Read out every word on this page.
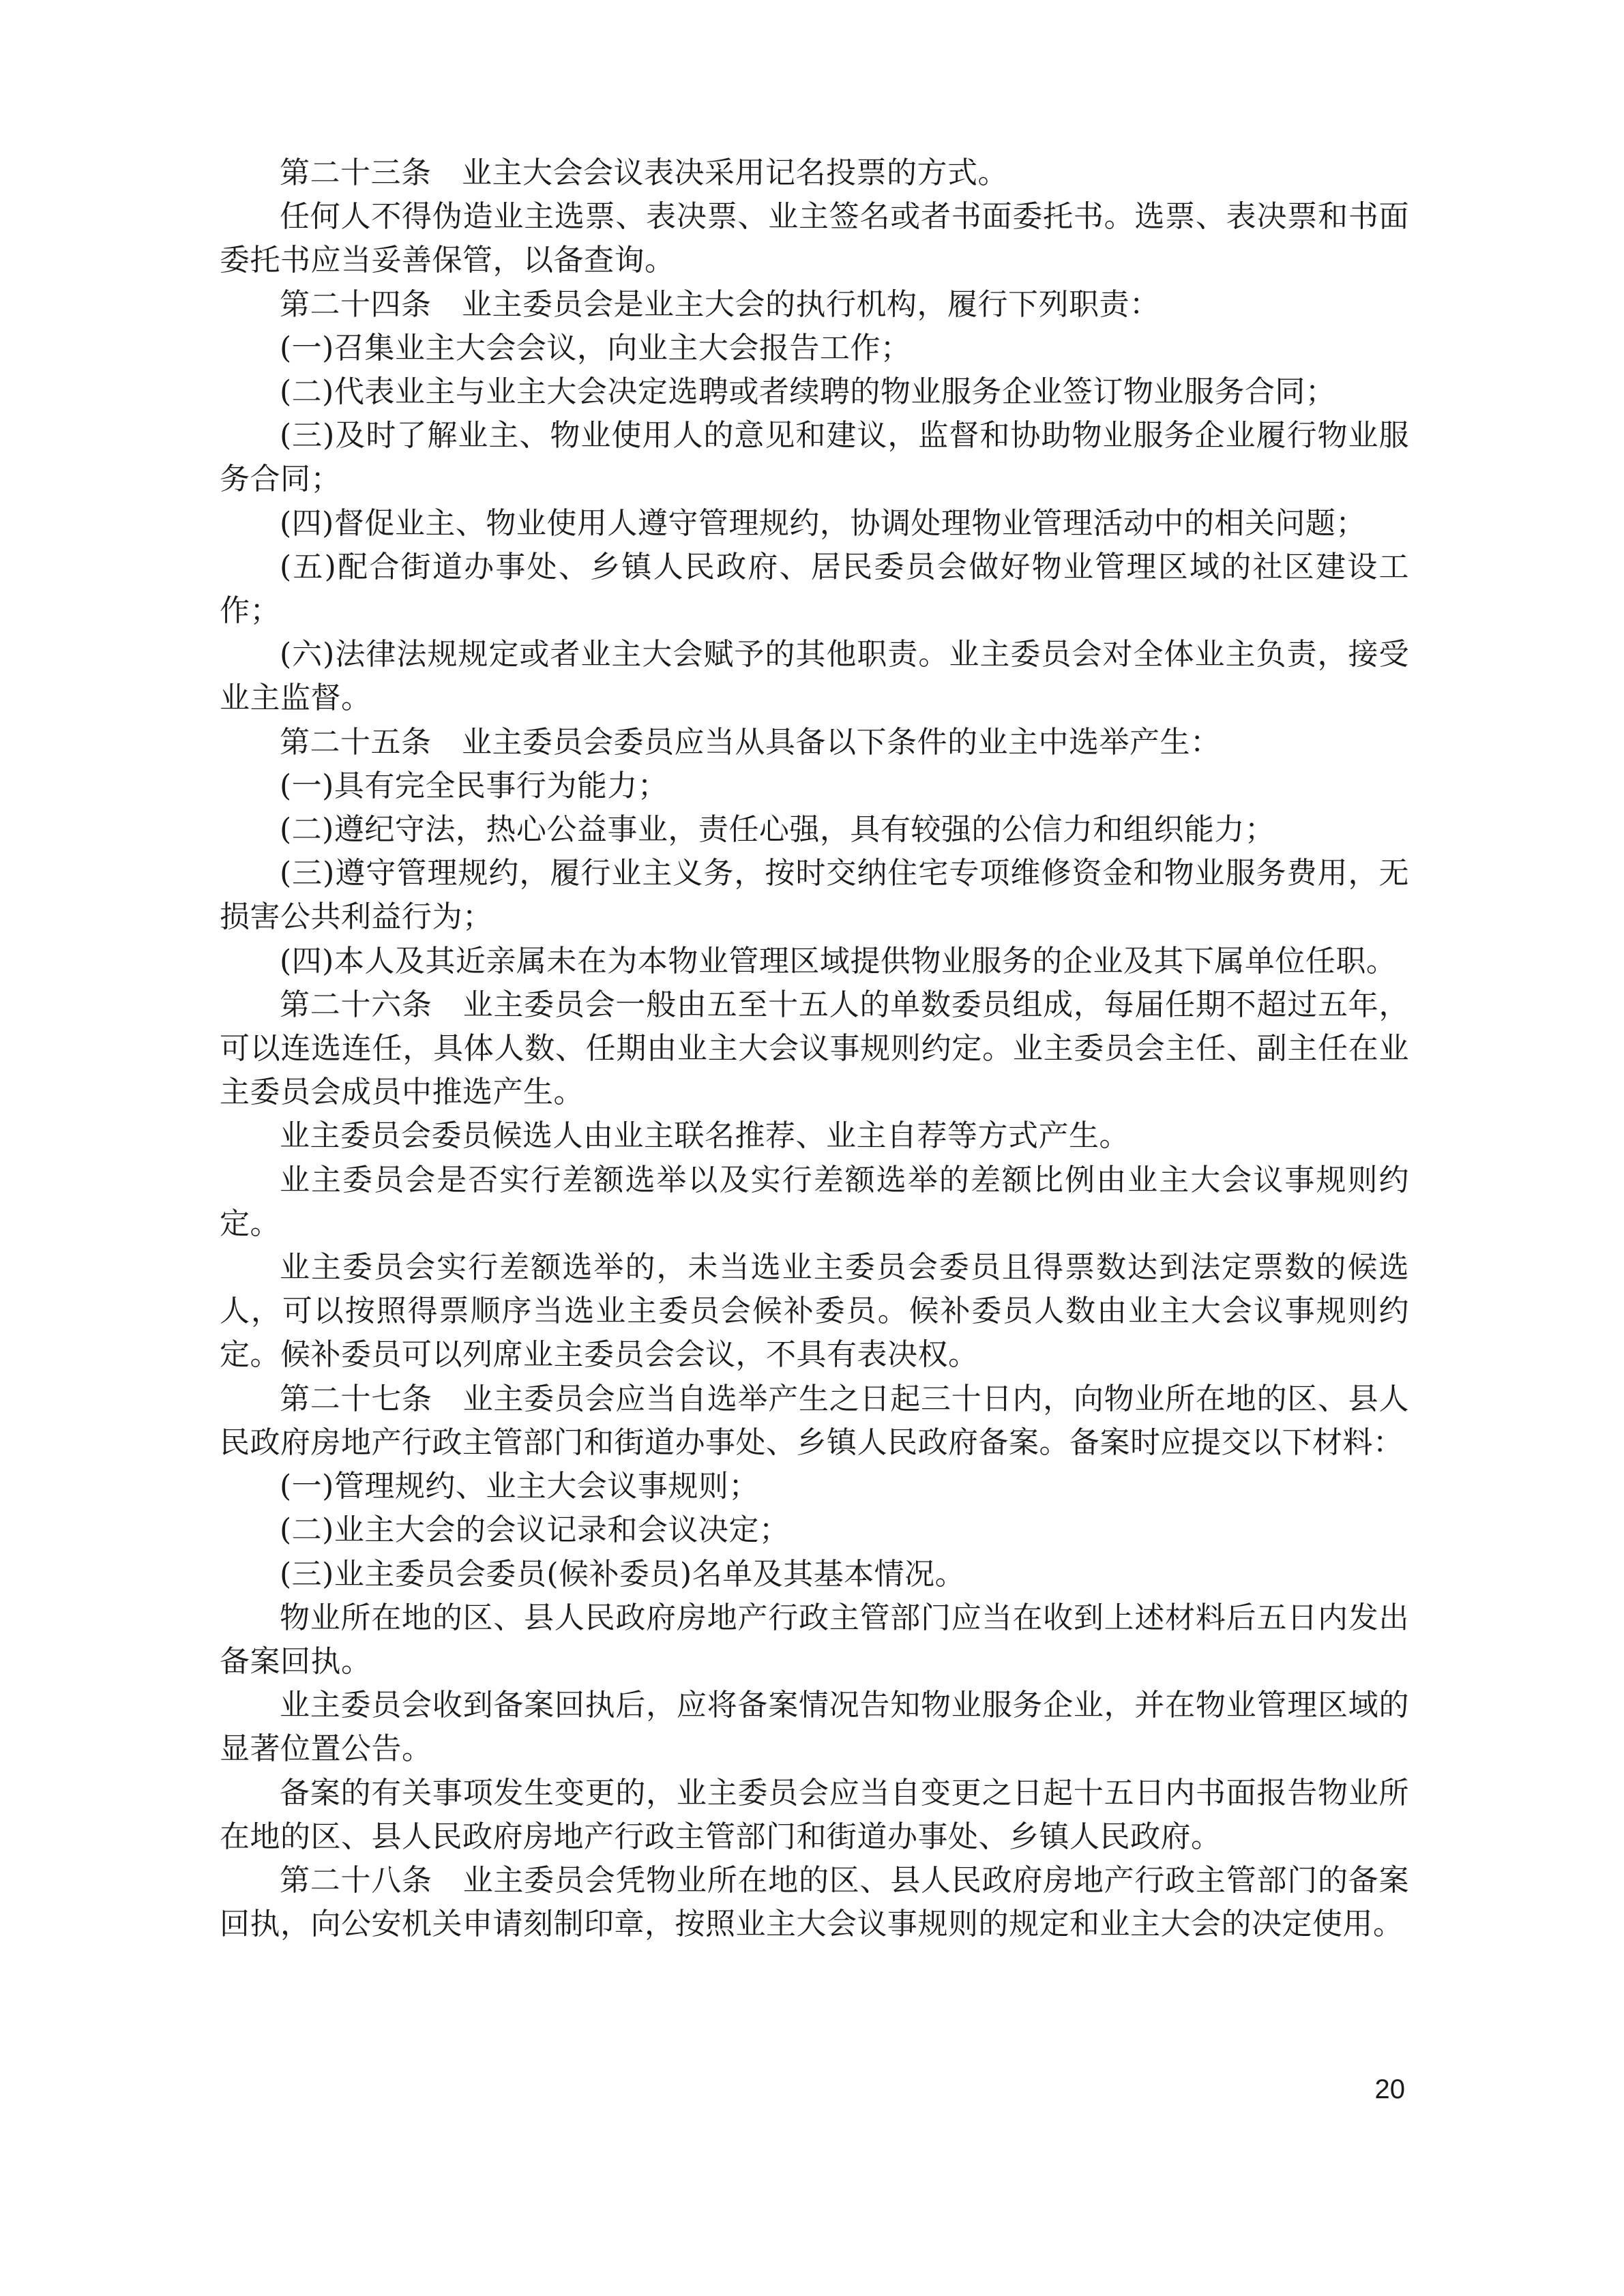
第二十三条　业主大会会议表决采用记名投票的方式。

任何人不得伪造业主选票、表决票、业主签名或者书面委托书。选票、表决票和书面委托书应当妥善保管，以备查询。

第二十四条　业主委员会是业主大会的执行机构，履行下列职责：

(一)召集业主大会会议，向业主大会报告工作；

(二)代表业主与业主大会决定选聘或者续聘的物业服务企业签订物业服务合同；

(三)及时了解业主、物业使用人的意见和建议，监督和协助物业服务企业履行物业服务合同；

(四)督促业主、物业使用人遵守管理规约，协调处理物业管理活动中的相关问题；

(五)配合街道办事处、乡镇人民政府、居民委员会做好物业管理区域的社区建设工作；

(六)法律法规规定或者业主大会赋予的其他职责。业主委员会对全体业主负责，接受业主监督。

第二十五条　业主委员会委员应当从具备以下条件的业主中选举产生：

(一)具有完全民事行为能力；

(二)遵纪守法，热心公益事业，责任心强，具有较强的公信力和组织能力；

(三)遵守管理规约，履行业主义务，按时交纳住宅专项维修资金和物业服务费用，无损害公共利益行为；

(四)本人及其近亲属未在为本物业管理区域提供物业服务的企业及其下属单位任职。

第二十六条　业主委员会一般由五至十五人的单数委员组成，每届任期不超过五年，可以连选连任，具体人数、任期由业主大会议事规则约定。业主委员会主任、副主任在业主委员会成员中推选产生。

业主委员会委员候选人由业主联名推荐、业主自荐等方式产生。

业主委员会是否实行差额选举以及实行差额选举的差额比例由业主大会议事规则约定。

业主委员会实行差额选举的，未当选业主委员会委员且得票数达到法定票数的候选人，可以按照得票顺序当选业主委员会候补委员。候补委员人数由业主大会议事规则约定。候补委员可以列席业主委员会会议，不具有表决权。

第二十七条　业主委员会应当自选举产生之日起三十日内，向物业所在地的区、县人民政府房地产行政主管部门和街道办事处、乡镇人民政府备案。备案时应提交以下材料：

(一)管理规约、业主大会议事规则；

(二)业主大会的会议记录和会议决定；

(三)业主委员会委员(候补委员)名单及其基本情况。

物业所在地的区、县人民政府房地产行政主管部门应当在收到上述材料后五日内发出备案回执。

业主委员会收到备案回执后，应将备案情况告知物业服务企业，并在物业管理区域的显著位置公告。

备案的有关事项发生变更的，业主委员会应当自变更之日起十五日内书面报告物业所在地的区、县人民政府房地产行政主管部门和街道办事处、乡镇人民政府。

第二十八条　业主委员会凭物业所在地的区、县人民政府房地产行政主管部门的备案回执，向公安机关申请刻制印章，按照业主大会议事规则的规定和业主大会的决定使用。

20
